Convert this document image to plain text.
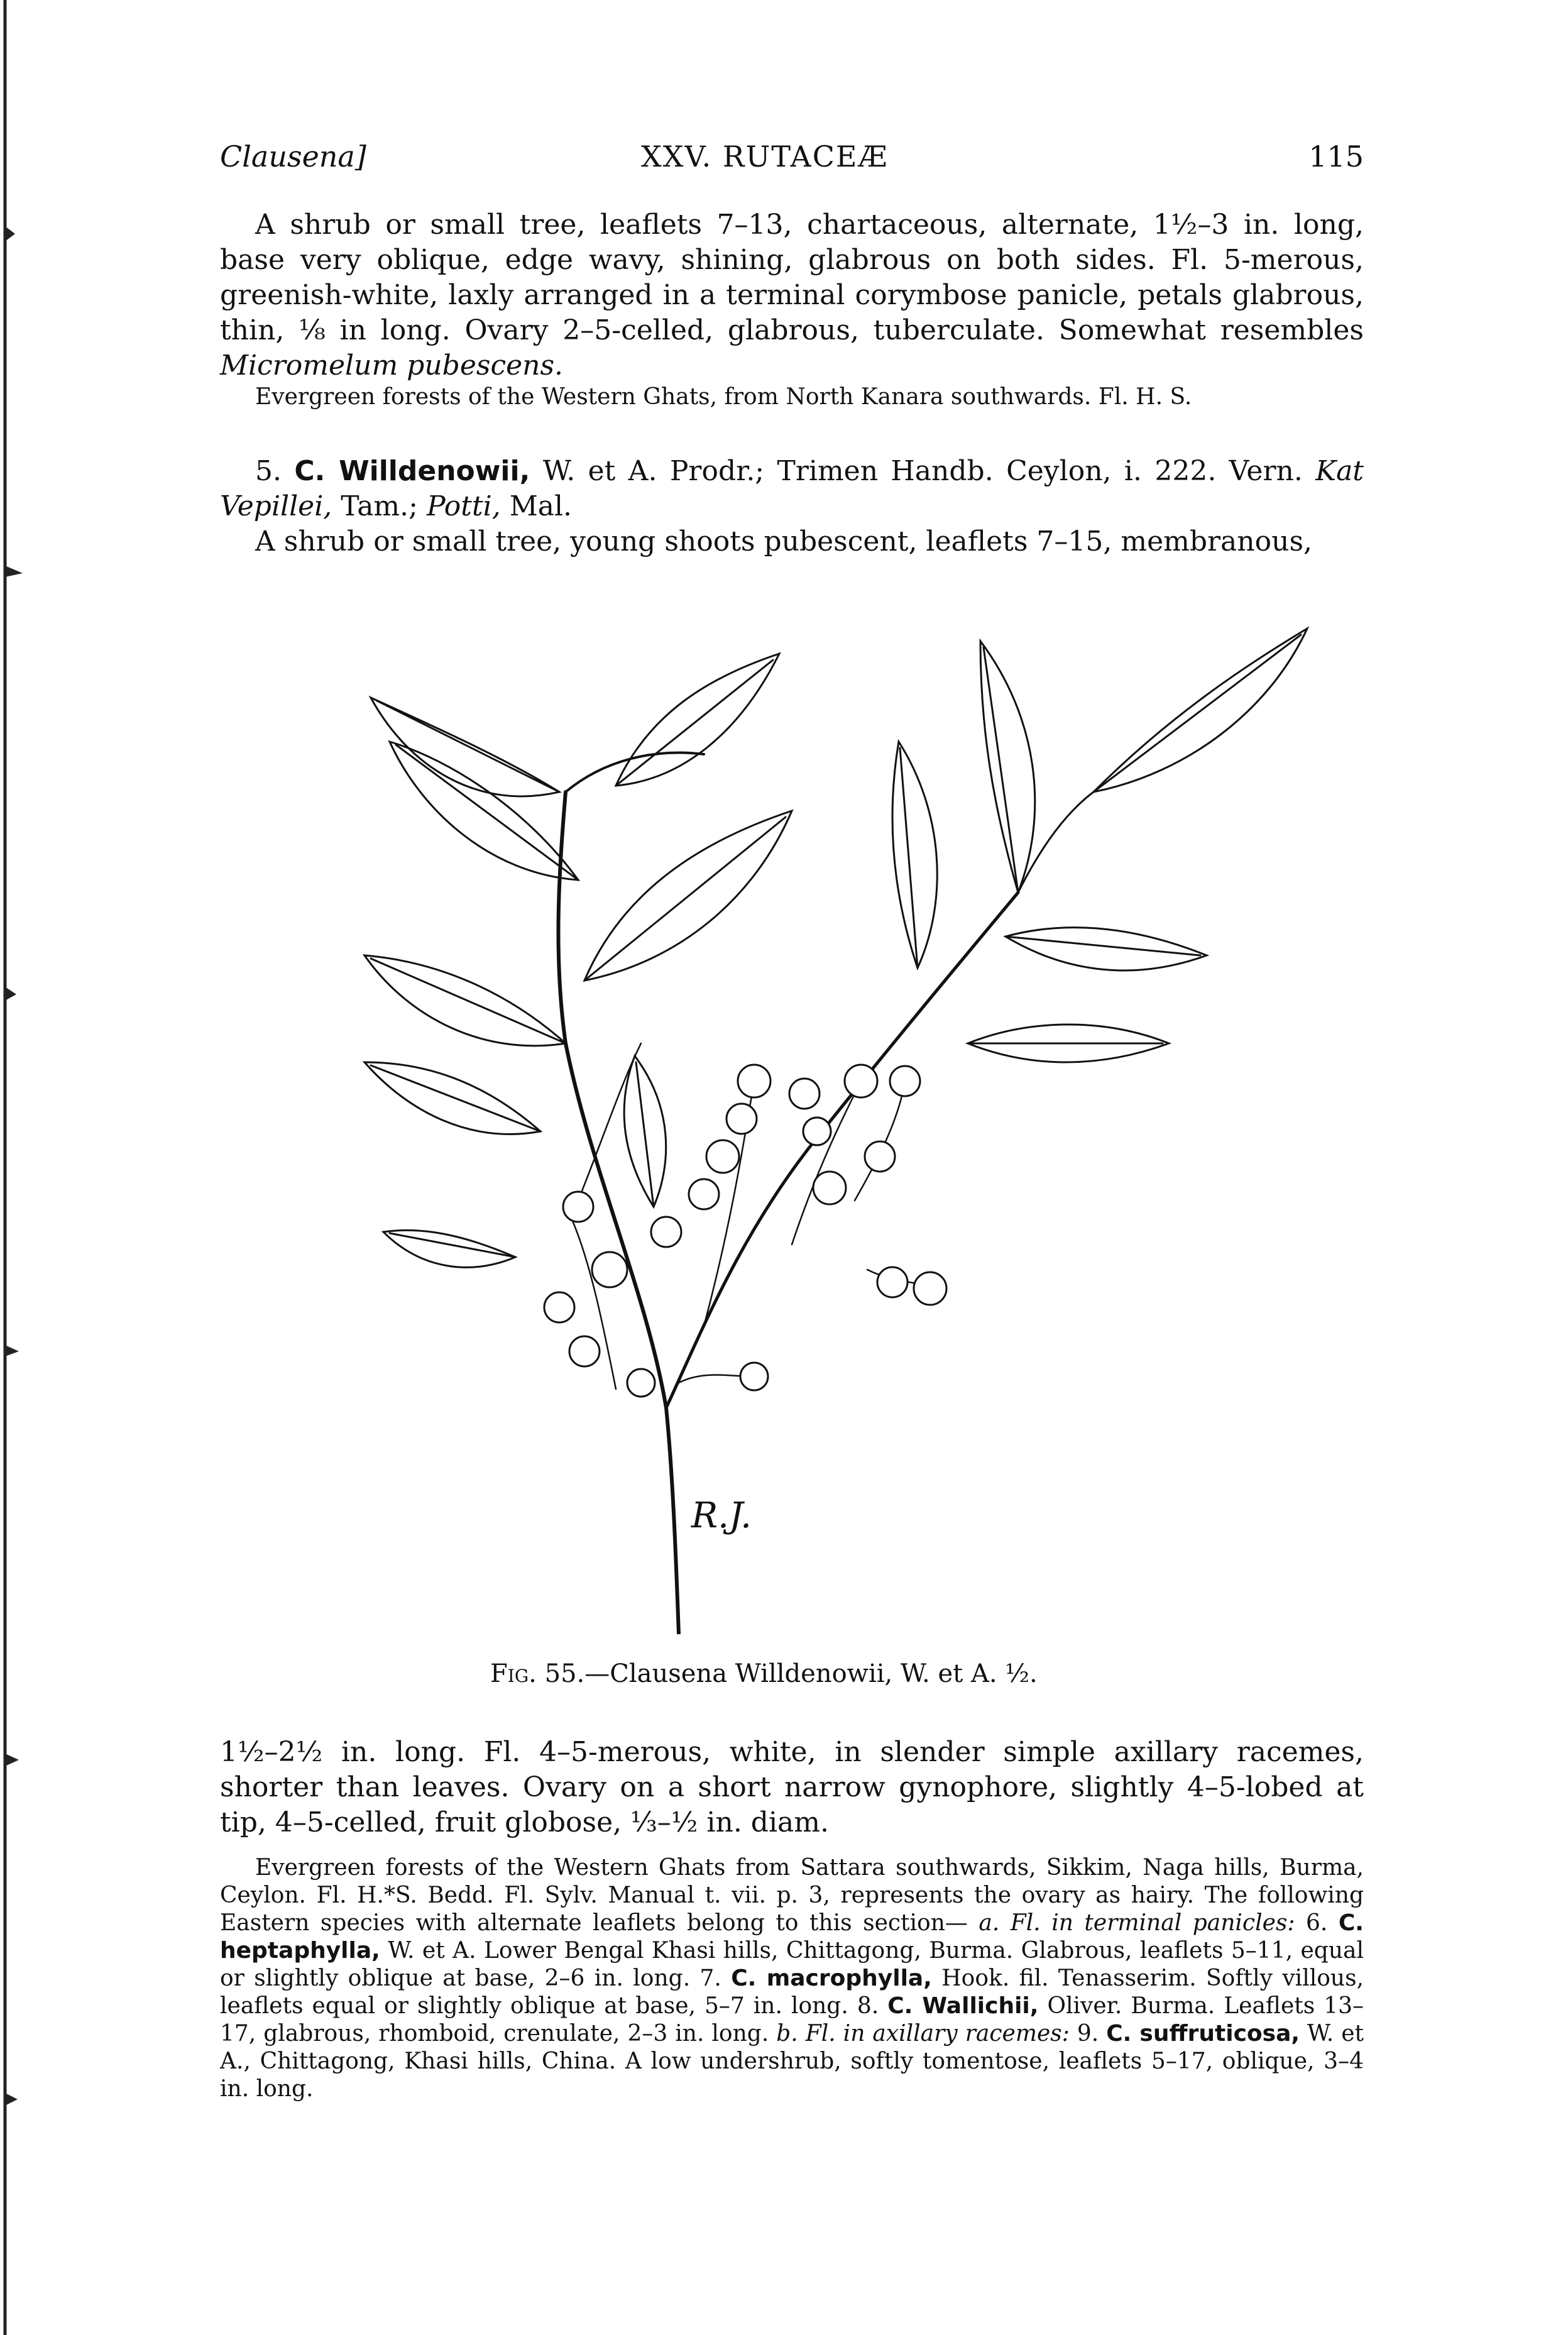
Clausena]	XXV. RUTACEÆ	115

A shrub or small tree, leaflets 7–13, chartaceous, alternate, 1½–3 in. long, base very oblique, edge wavy, shining, glabrous on both sides. Fl. 5-merous, greenish-white, laxly arranged in a terminal corymbose panicle, petals glabrous, thin, ⅛ in long. Ovary 2–5-celled, glabrous, tuberculate. Somewhat resembles Micromelum pubescens.

Evergreen forests of the Western Ghats, from North Kanara southwards. Fl. H. S.

5. C. Willdenowii, W. et A. Prodr.; Trimen Handb. Ceylon, i. 222. Vern. Kat Vepillei, Tam.; Potti, Mal.

A shrub or small tree, young shoots pubescent, leaflets 7–15, membranous,

R.J.
Fig. 55.—Clausena Willdenowii, W. et A. ½.

1½–2½ in. long. Fl. 4–5-merous, white, in slender simple axillary racemes, shorter than leaves. Ovary on a short narrow gynophore, slightly 4–5-lobed at tip, 4–5-celled, fruit globose, ⅓–½ in. diam.

Evergreen forests of the Western Ghats from Sattara southwards, Sikkim, Naga hills, Burma, Ceylon. Fl. H.*S. Bedd. Fl. Sylv. Manual t. vii. p. 3, represents the ovary as hairy. The following Eastern species with alternate leaflets belong to this section— a. Fl. in terminal panicles: 6. C. heptaphylla, W. et A. Lower Bengal Khasi hills, Chittagong, Burma. Glabrous, leaflets 5–11, equal or slightly oblique at base, 2–6 in. long. 7. C. macrophylla, Hook. fil. Tenasserim. Softly villous, leaflets equal or slightly oblique at base, 5–7 in. long. 8. C. Wallichii, Oliver. Burma. Leaflets 13–17, glabrous, rhomboid, crenulate, 2–3 in. long. b. Fl. in axillary racemes: 9. C. suffruticosa, W. et A., Chittagong, Khasi hills, China. A low undershrub, softly tomentose, leaflets 5–17, oblique, 3–4 in. long.
